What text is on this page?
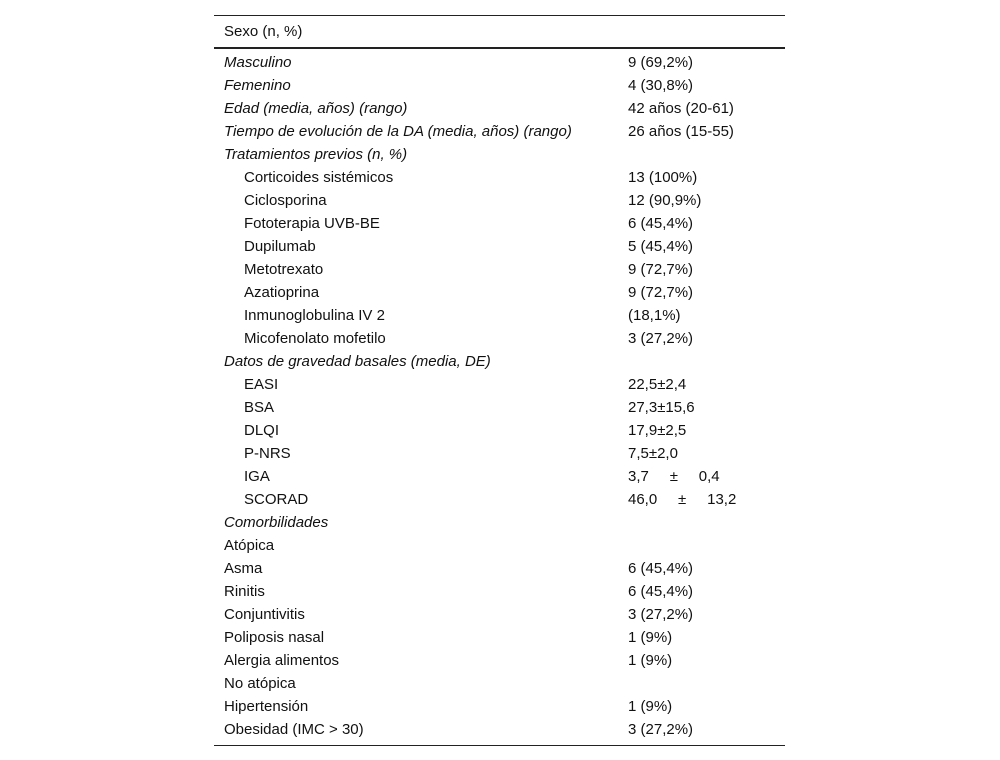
Sexo (n, %)
Masculino	9 (69,2%)
Femenino	4 (30,8%)
Edad (media, años) (rango)	42 años (20-61)
Tiempo de evolución de la DA (media, años) (rango)	26 años (15-55)
Tratamientos previos (n, %)
Corticoides sistémicos	13 (100%)
Ciclosporina	12 (90,9%)
Fototerapia UVB-BE	6 (45,4%)
Dupilumab	5 (45,4%)
Metotrexato	9 (72,7%)
Azatioprina	9 (72,7%)
Inmunoglobulina IV 2	(18,1%)
Micofenolato mofetilo	3 (27,2%)
Datos de gravedad basales (media, DE)
EASI	22,5±2,4
BSA	27,3±15,6
DLQI	17,9±2,5
P-NRS	7,5±2,0
IGA	3,7     ±     0,4
SCORAD	46,0     ±     13,2
Comorbilidades
Atópica
Asma	6 (45,4%)
Rinitis	6 (45,4%)
Conjuntivitis	3 (27,2%)
Poliposis nasal	1 (9%)
Alergia alimentos	1 (9%)
No atópica
Hipertensión	1 (9%)
Obesidad (IMC > 30)	3 (27,2%)
